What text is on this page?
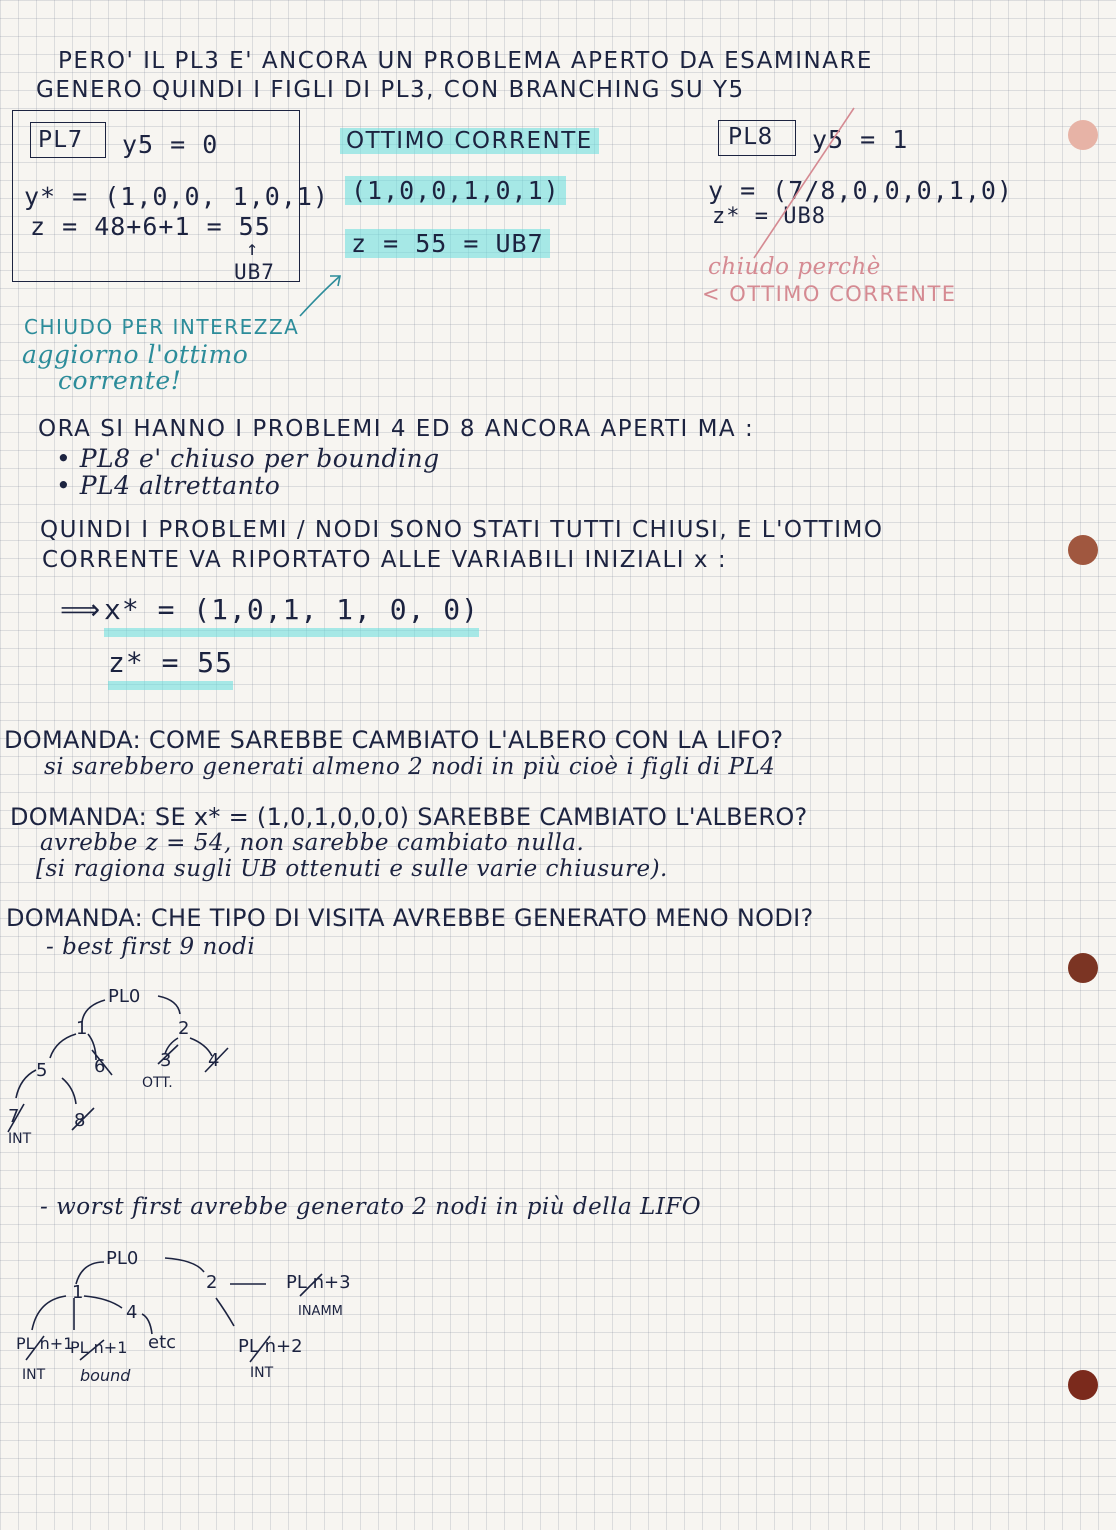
PERO' IL PL3 E' ANCORA UN PROBLEMA APERTO DA ESAMINARE
GENERO QUINDI I FIGLI DI PL3, CON BRANCHING SU Y5
PL7 y5 = 0
y* = (1,0,0, 1,0,1)
z = 48+6+1 = 55
↑
UB7
OTTIMO CORRENTE
(1,0,0,1,0,1)
z = 55 = UB7
PL8 y5 = 1
y = (7/8,0,0,0,1,0)
z* = UB8
chiudo perchè
< OTTIMO CORRENTE
CHIUDO PER INTEREZZA
aggiorno l'ottimo
corrente!
ORA SI HANNO I PROBLEMI 4 ED 8 ANCORA APERTI MA :
• PL8 e' chiuso per bounding
• PL4 altrettanto
QUINDI I PROBLEMI / NODI SONO STATI TUTTI CHIUSI, E L'OTTIMO
CORRENTE VA RIPORTATO ALLE VARIABILI INIZIALI x :
⟹ x* = (1,0,1, 1, 0, 0)
z* = 55
DOMANDA: COME SAREBBE CAMBIATO L'ALBERO CON LA LIFO?
si sarebbero generati almeno 2 nodi in più cioè i figli di PL4
DOMANDA: SE x* = (1,0,1,0,0,0) SAREBBE CAMBIATO L'ALBERO?
avrebbe z = 54, non sarebbe cambiato nulla.
[si ragiona sugli UB ottenuti e sulle varie chiusure).
DOMANDA: CHE TIPO DI VISITA AVREBBE GENERATO MENO NODI?
- best first 9 nodi
PL0
1	2
5	6	3 4
OTT.
7	8
INT
- worst first avrebbe generato 2 nodi in più della LIFO
PL0
1	2
4
etc
PL n+3
INAMM
PL n+1
PL n+1	PL n+2
INT bound	INT
